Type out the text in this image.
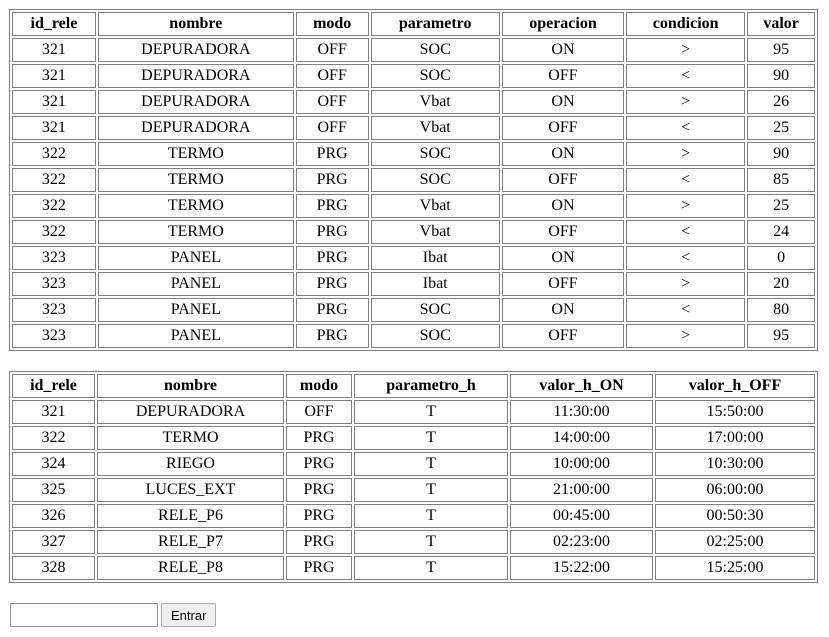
id_rele	nombre	modo	parametro	operacion	condicion	valor
321	DEPURADORA	OFF	SOC	ON	>	95
321	DEPURADORA	OFF	SOC	OFF	<	90
321	DEPURADORA	OFF	Vbat	ON	>	26
321	DEPURADORA	OFF	Vbat	OFF	<	25
322	TERMO	PRG	SOC	ON	>	90
322	TERMO	PRG	SOC	OFF	<	85
322	TERMO	PRG	Vbat	ON	>	25
322	TERMO	PRG	Vbat	OFF	<	24
323	PANEL	PRG	Ibat	ON	<	0
323	PANEL	PRG	Ibat	OFF	>	20
323	PANEL	PRG	SOC	ON	<	80
323	PANEL	PRG	SOC	OFF	>	95
id_rele	nombre	modo	parametro_h	valor_h_ON	valor_h_OFF
321	DEPURADORA	OFF	T	11:30:00	15:50:00
322	TERMO	PRG	T	14:00:00	17:00:00
324	RIEGO	PRG	T	10:00:00	10:30:00
325	LUCES_EXT	PRG	T	21:00:00	06:00:00
326	RELE_P6	PRG	T	00:45:00	00:50:30
327	RELE_P7	PRG	T	02:23:00	02:25:00
328	RELE_P8	PRG	T	15:22:00	15:25:00
Entrar
